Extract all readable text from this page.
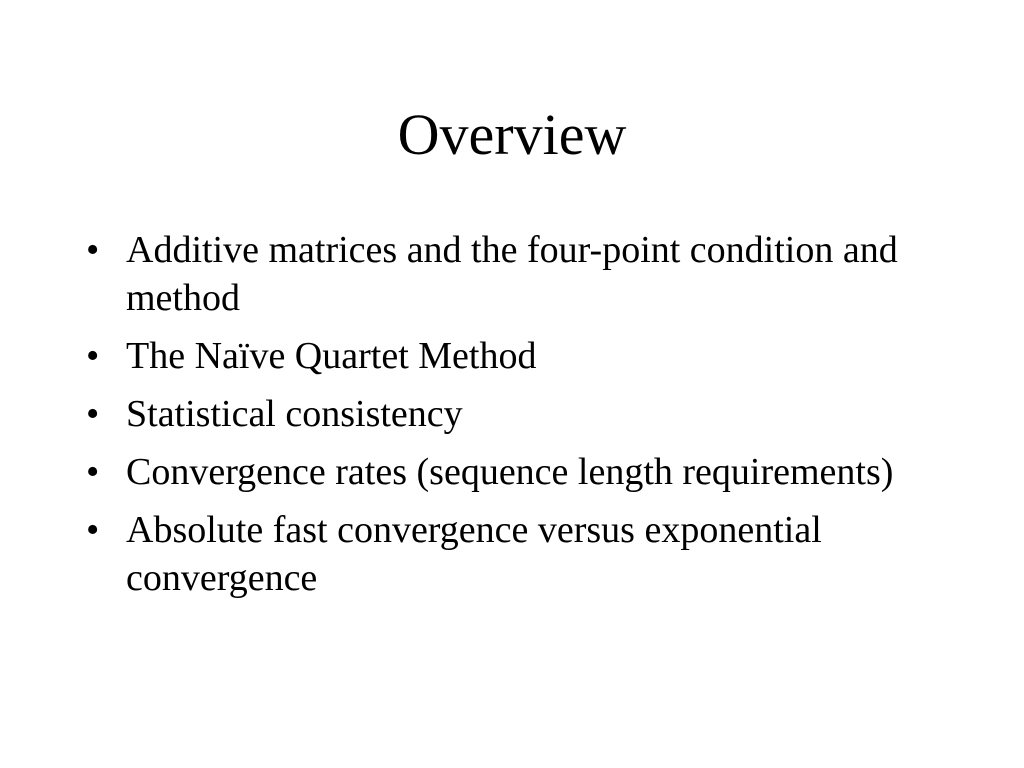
Overview
• Additive matrices and the four-point condition and method
• The Naïve Quartet Method
• Statistical consistency
• Convergence rates (sequence length requirements)
• Absolute fast convergence versus exponential convergence
